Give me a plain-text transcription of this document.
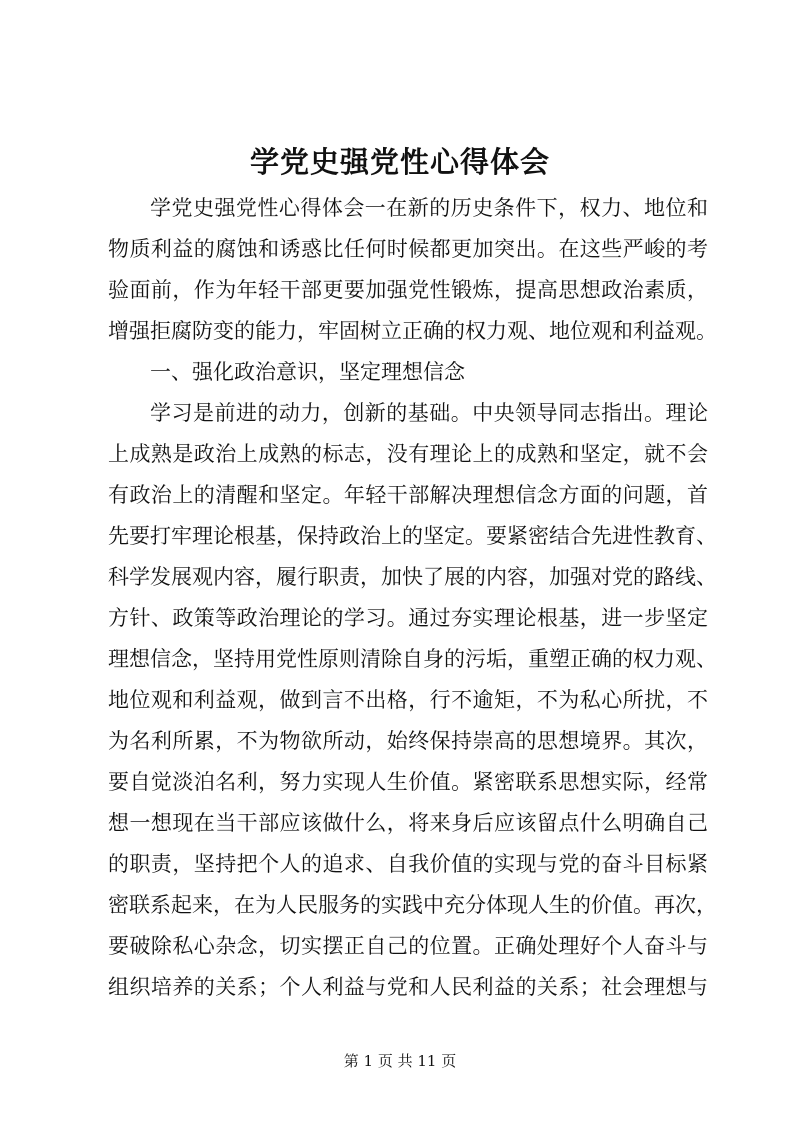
学党史强党性心得体会
学党史强党性心得体会一在新的历史条件下，权力、地位和
物质利益的腐蚀和诱惑比任何时候都更加突出。在这些严峻的考
验面前，作为年轻干部更要加强党性锻炼，提高思想政治素质，
增强拒腐防变的能力，牢固树立正确的权力观、地位观和利益观。
一、强化政治意识，坚定理想信念
学习是前进的动力，创新的基础。中央领导同志指出。理论
上成熟是政治上成熟的标志，没有理论上的成熟和坚定，就不会
有政治上的清醒和坚定。年轻干部解决理想信念方面的问题，首
先要打牢理论根基，保持政治上的坚定。要紧密结合先进性教育、
科学发展观内容，履行职责，加快了展的内容，加强对党的路线、
方针、政策等政治理论的学习。通过夯实理论根基，进一步坚定
理想信念，坚持用党性原则清除自身的污垢，重塑正确的权力观、
地位观和利益观，做到言不出格，行不逾矩，不为私心所扰，不
为名利所累，不为物欲所动，始终保持崇高的思想境界。其次，
要自觉淡泊名利，努力实现人生价值。紧密联系思想实际，经常
想一想现在当干部应该做什么，将来身后应该留点什么明确自己
的职责，坚持把个人的追求、自我价值的实现与党的奋斗目标紧
密联系起来，在为人民服务的实践中充分体现人生的价值。再次，
要破除私心杂念，切实摆正自己的位置。正确处理好个人奋斗与
组织培养的关系；个人利益与党和人民利益的关系；社会理想与
第 1 页 共 11 页
